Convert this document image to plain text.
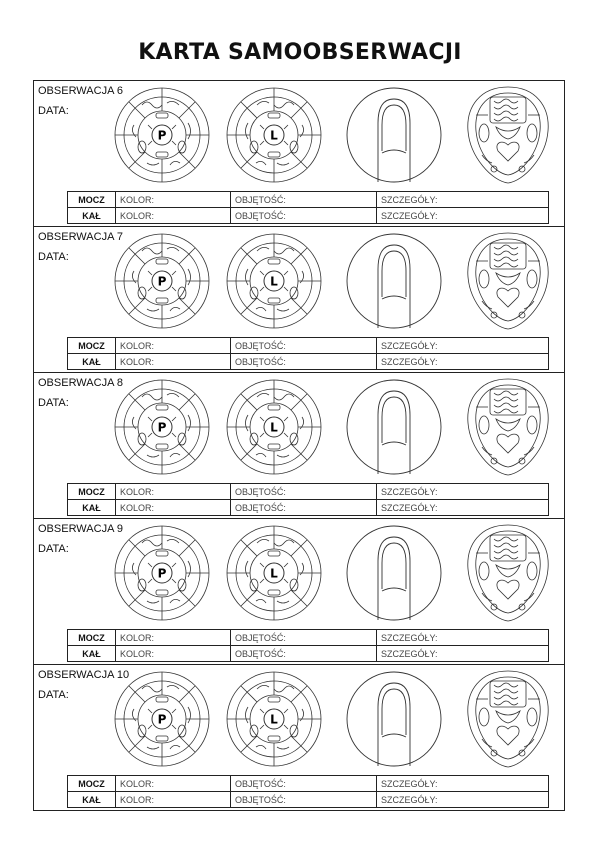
KARTA SAMOOBSERWACJI
OBSERWACJA 6
DATA:
P	L
MOCZ	KOLOR:	OBJĘTOŚĆ:	SZCZEGÓŁY:
KAŁ	KOLOR:	OBJĘTOŚĆ:	SZCZEGÓŁY:
OBSERWACJA 7
DATA:
P	L
MOCZ	KOLOR:	OBJĘTOŚĆ:	SZCZEGÓŁY:
KAŁ	KOLOR:	OBJĘTOŚĆ:	SZCZEGÓŁY:
OBSERWACJA 8
DATA:
P	L
MOCZ	KOLOR:	OBJĘTOŚĆ:	SZCZEGÓŁY:
KAŁ	KOLOR:	OBJĘTOŚĆ:	SZCZEGÓŁY:
OBSERWACJA 9
DATA:
P	L
MOCZ	KOLOR:	OBJĘTOŚĆ:	SZCZEGÓŁY:
KAŁ	KOLOR:	OBJĘTOŚĆ:	SZCZEGÓŁY:
OBSERWACJA 10
DATA:
P	L
MOCZ	KOLOR:	OBJĘTOŚĆ:	SZCZEGÓŁY:
KAŁ	KOLOR:	OBJĘTOŚĆ:	SZCZEGÓŁY:
